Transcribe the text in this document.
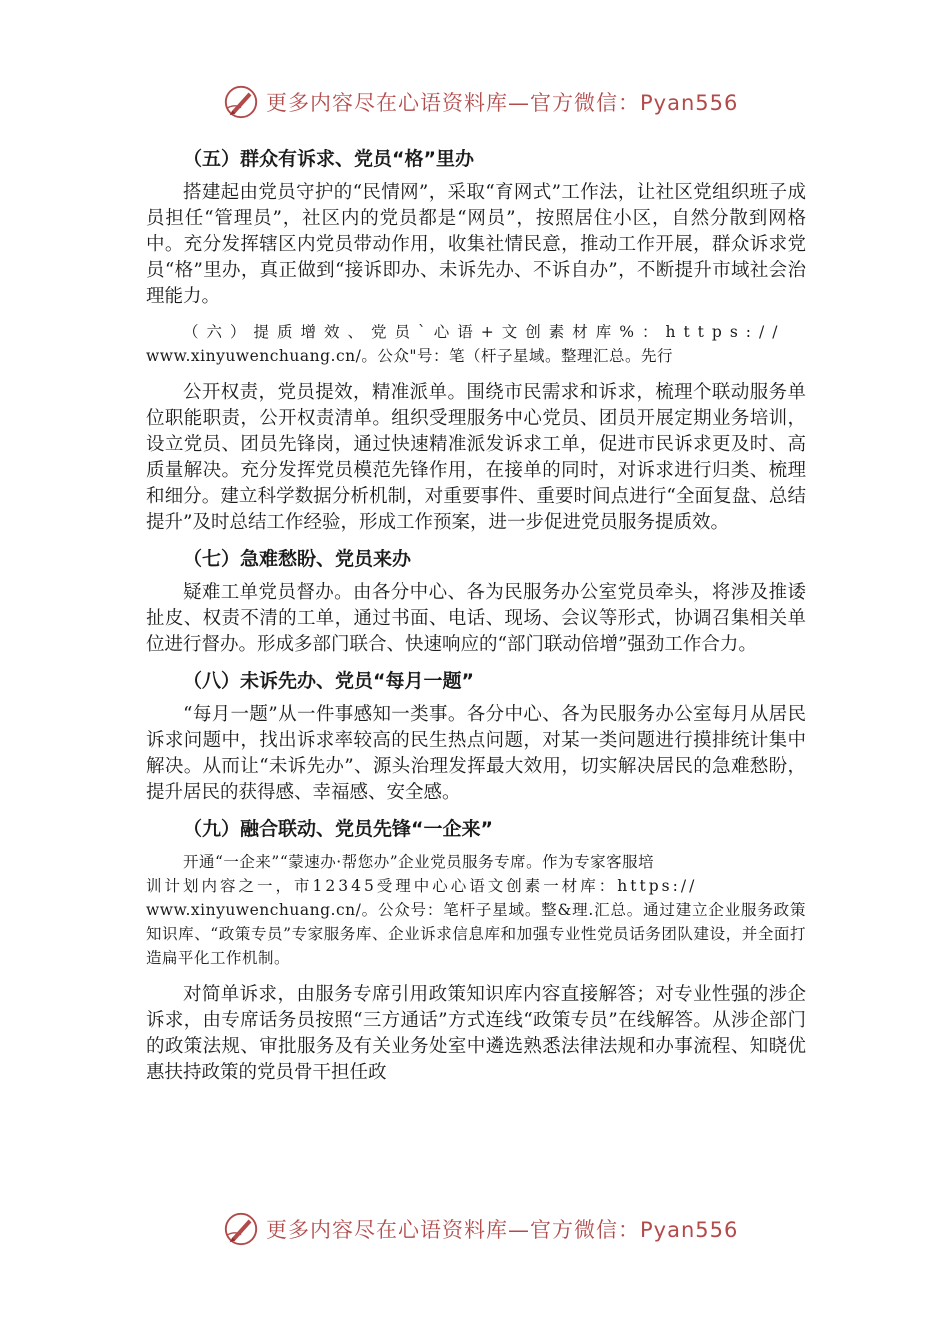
更多内容尽在心语资料库—官方微信：Pyan556
（五）群众有诉求、党员“格”里办

搭建起由党员守护的“民情网”，采取“育网式”工作法，让社区党组织班子成员担任“管理员”，社区内的党员都是“网员”，按照居住小区，自然分散到网格中。充分发挥辖区内党员带动作用，收集社情民意，推动工作开展，群众诉求党员“格”里办，真正做到“接诉即办、未诉先办、不诉自办”，不断提升市域社会治理能力。

（六）提质增效、党员`心语+文创素材库%：https://
www.xinyuwenchuang.cn/。公众"号：笔（杆子星域。整理汇总。先行

公开权责，党员提效，精准派单。围绕市民需求和诉求，梳理个联动服务单位职能职责，公开权责清单。组织受理服务中心党员、团员开展定期业务培训，设立党员、团员先锋岗，通过快速精准派发诉求工单，促进市民诉求更及时、高质量解决。充分发挥党员模范先锋作用，在接单的同时，对诉求进行归类、梳理和细分。建立科学数据分析机制，对重要事件、重要时间点进行“全面复盘、总结提升”及时总结工作经验，形成工作预案，进一步促进党员服务提质效。

（七）急难愁盼、党员来办

疑难工单党员督办。由各分中心、各为民服务办公室党员牵头，将涉及推诿扯皮、权责不清的工单，通过书面、电话、现场、会议等形式，协调召集相关单位进行督办。形成多部门联合、快速响应的“部门联动倍增”强劲工作合力。

（八）未诉先办、党员“每月一题”

“每月一题”从一件事感知一类事。各分中心、各为民服务办公室每月从居民诉求问题中，找出诉求率较高的民生热点问题，对某一类问题进行摸排统计集中解决。从而让“未诉先办”、源头治理发挥最大效用，切实解决居民的急难愁盼，提升居民的获得感、幸福感、安全感。

（九）融合联动、党员先锋“一企来”
开通“一企来”“蒙速办·帮您办”企业党员服务专席。作为专家客服培
训计划内容之一，市12345受理中心心语文创素一材库：https://
www.xinyuwenchuang.cn/。公众号：笔杆子星域。整&理.汇总。通过建立企业服务政策知识库、“政策专员”专家服务库、企业诉求信息库和加强专业性党员话务团队建设，并全面打造扁平化工作机制。

对简单诉求，由服务专席引用政策知识库内容直接解答；对专业性强的涉企诉求，由专席话务员按照“三方通话”方式连线“政策专员”在线解答。从涉企部门的政策法规、审批服务及有关业务处室中遴选熟悉法律法规和办事流程、知晓优惠扶持政策的党员骨干担任政

更多内容尽在心语资料库—官方微信：Pyan556
